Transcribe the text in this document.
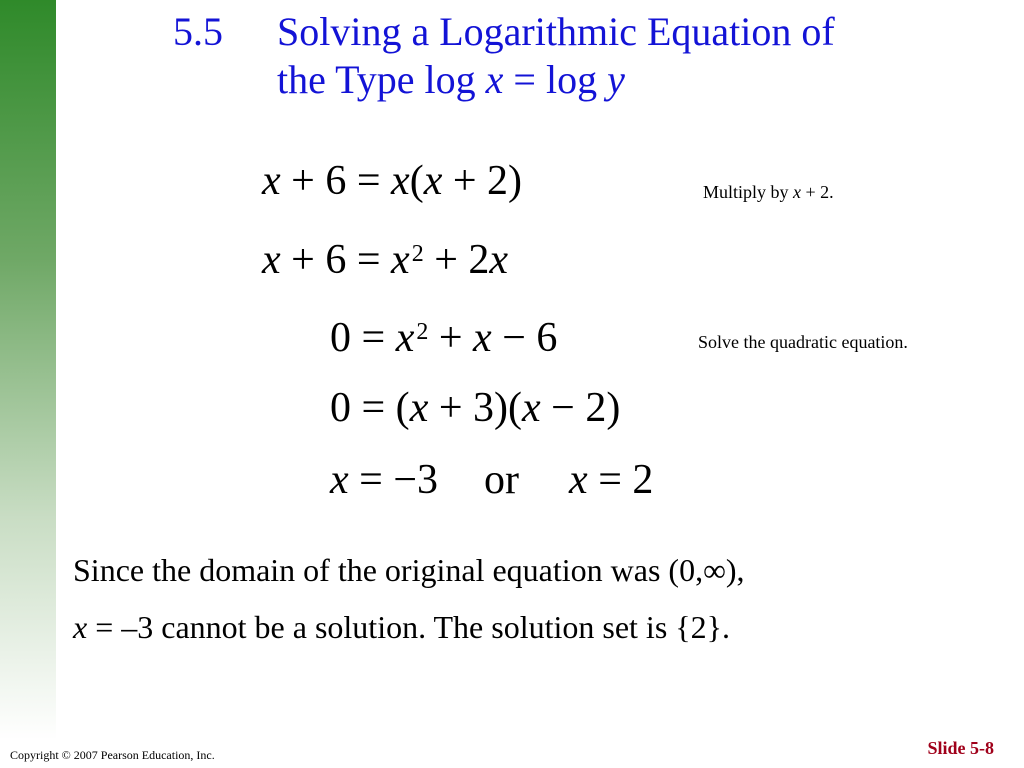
5.5	Solving a Logarithmic Equation of
the Type log x = log y
x + 6 = x(x + 2)	Multiply by x + 2.
$x + 6 = x^2 + 2x$
$0 = x^2 + x - 6$	Solve the quadratic equation.
0 = (x + 3)(x − 2)
x = −3 or x = 2
Since the domain of the original equation was (0,∞),
x = –3 cannot be a solution. The solution set is {2}.
Copyright © 2007 Pearson Education, Inc.	Slide 5-8
